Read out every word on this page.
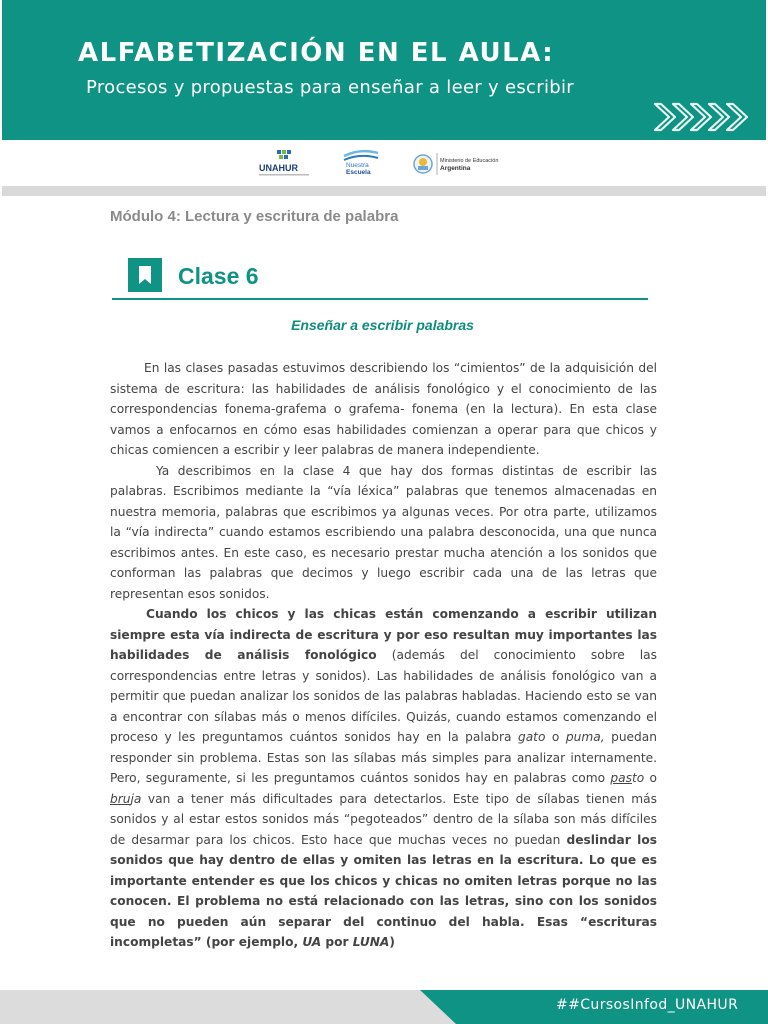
ALFABETIZACIÓN EN EL AULA:
Procesos y propuestas para enseñar a leer y escribir
UNAHUR	Nuestra
Escuela
Ministerio de Educación
Argentina
Módulo 4: Lectura y escritura de palabra
Clase 6
Enseñar a escribir palabras

En las clases pasadas estuvimos describiendo los “cimientos” de la adquisición del sistema de escritura: las habilidades de análisis fonológico y el conocimiento de las correspondencias fonema-grafema o grafema- fonema (en la lectura). En esta clase vamos a enfocarnos en cómo esas habilidades comienzan a operar para que chicos y chicas comiencen a escribir y leer palabras de manera independiente.

Ya describimos en la clase 4 que hay dos formas distintas de escribir las palabras. Escribimos mediante la “vía léxica” palabras que tenemos almacenadas en nuestra memoria, palabras que escribimos ya algunas veces. Por otra parte, utilizamos la “vía indirecta” cuando estamos escribiendo una palabra desconocida, una que nunca escribimos antes. En este caso, es necesario prestar mucha atención a los sonidos que conforman las palabras que decimos y luego escribir cada una de las letras que representan esos sonidos.

Cuando los chicos y las chicas están comenzando a escribir utilizan siempre esta vía indirecta de escritura y por eso resultan muy importantes las habilidades de análisis fonológico (además del conocimiento sobre las correspondencias entre letras y sonidos). Las habilidades de análisis fonológico van a permitir que puedan analizar los sonidos de las palabras habladas. Haciendo esto se van a encontrar con sílabas más o menos difíciles. Quizás, cuando estamos comenzando el proceso y les preguntamos cuántos sonidos hay en la palabra gato o puma, puedan responder sin problema. Estas son las sílabas más simples para analizar internamente. Pero, seguramente, si les preguntamos cuántos sonidos hay en palabras como pasto o bruja van a tener más dificultades para detectarlos. Este tipo de sílabas tienen más sonidos y al estar estos sonidos más “pegoteados” dentro de la sílaba son más difíciles de desarmar para los chicos. Esto hace que muchas veces no puedan deslindar los sonidos que hay dentro de ellas y omiten las letras en la escritura. Lo que es importante entender es que los chicos y chicas no omiten letras porque no las conocen. El problema no está relacionado con las letras, sino con los sonidos que no pueden aún separar del continuo del habla. Esas “escrituras incompletas” (por ejemplo, UA por LUNA)

##CursosInfod_UNAHUR
